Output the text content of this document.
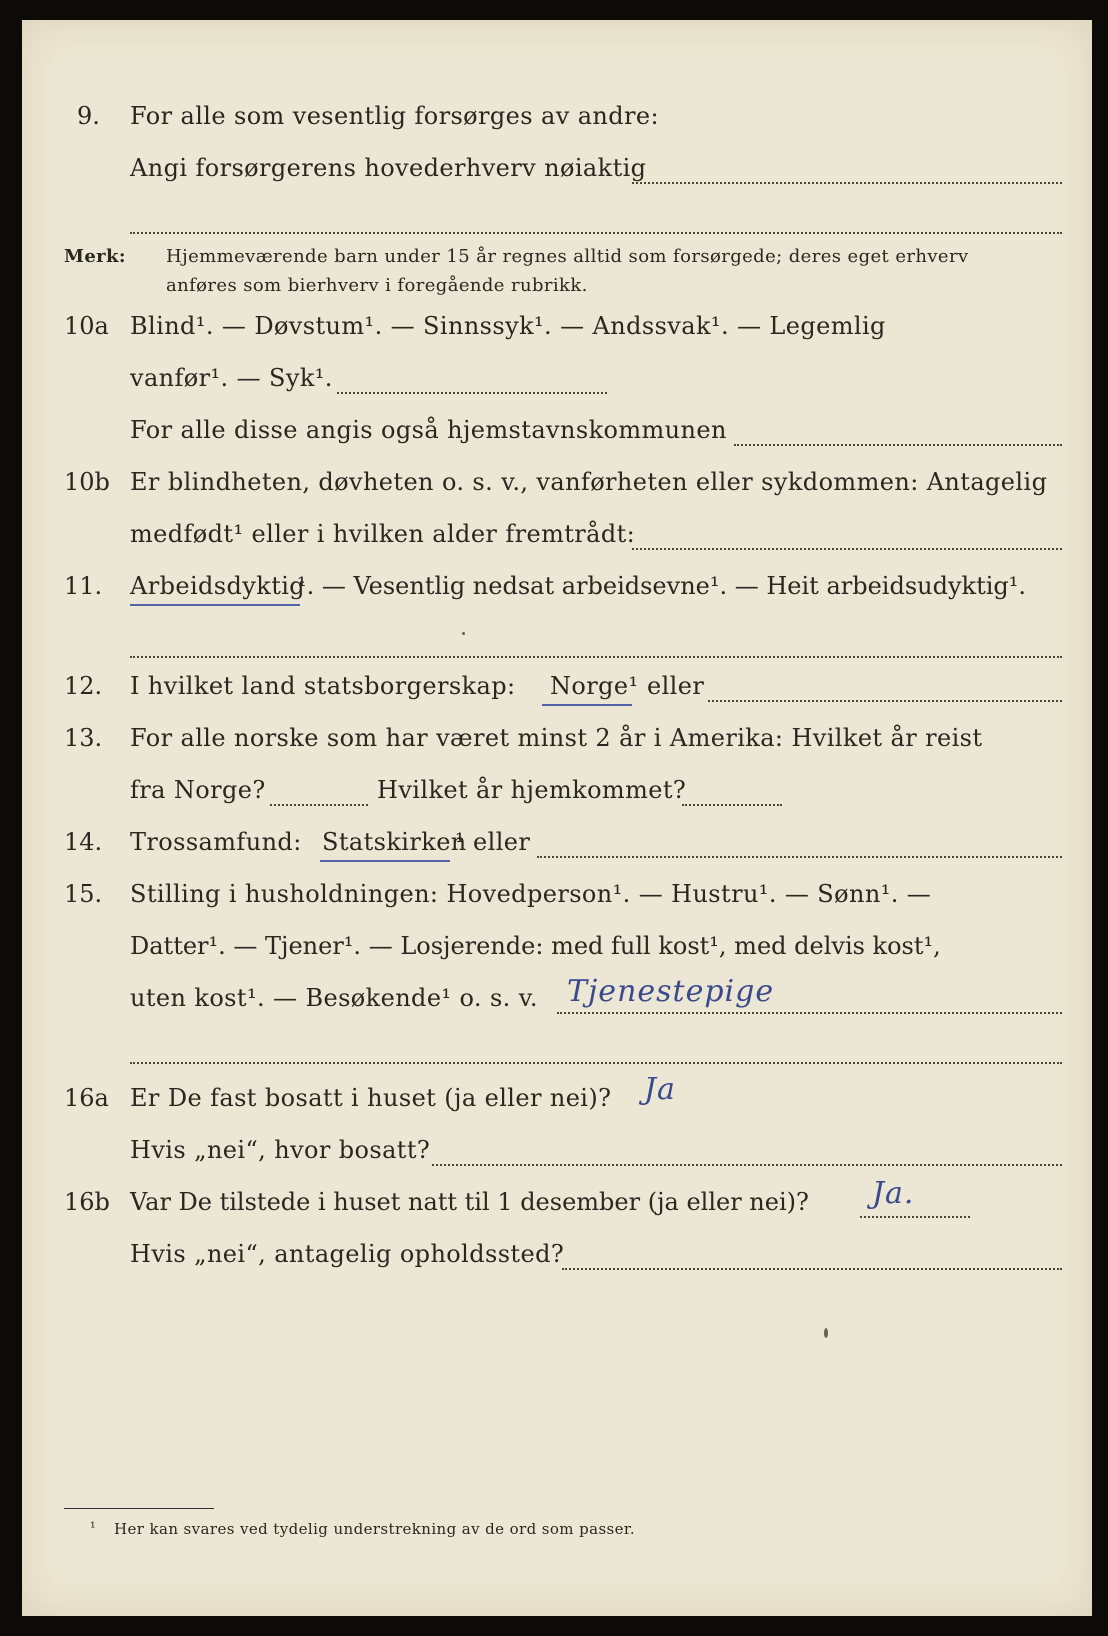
9. For alle som vesentlig forsørges av andre:
Angi forsørgerens hovederhverv nøiaktig
Merk: Hjemmeværende barn under 15 år regnes alltid som forsørgede; deres eget erhverv
anføres som bierhverv i foregående rubrikk.
10a Blind¹. — Døvstum¹. — Sinnssyk¹. — Andssvak¹. — Legemlig
vanfør¹. — Syk¹.
For alle disse angis også hjemstavnskommunen
10b Er blindheten, døvheten o. s. v., vanførheten eller sykdommen: Antagelig
medfødt¹ eller i hvilken alder fremtrådt:
11. Arbeidsdyktig
¹. — Vesentlig nedsat arbeidsevne¹. — Heit arbeidsudyktig¹.
12. I hvilket land statsborgerskap: Norge¹ eller
13. For alle norske som har været minst 2 år i Amerika: Hvilket år reist
fra Norge?	Hvilket år hjemkommet?
14. Trossamfund: Statskirken
¹ eller
15. Stilling i husholdningen: Hovedperson¹. — Hustru¹. — Sønn¹. —
Datter¹. — Tjener¹. — Losjerende: med full kost¹, med delvis kost¹,
uten kost¹. — Besøkende¹ o. s. v. Tjenestepige
16a Er De fast bosatt i huset (ja eller nei)? Ja
Hvis „nei“, hvor bosatt?
16b Var De tilstede i huset natt til 1 desember (ja eller nei)? Ja.
Hvis „nei“, antagelig opholdssted?
¹ Her kan svares ved tydelig understrekning av de ord som passer.
